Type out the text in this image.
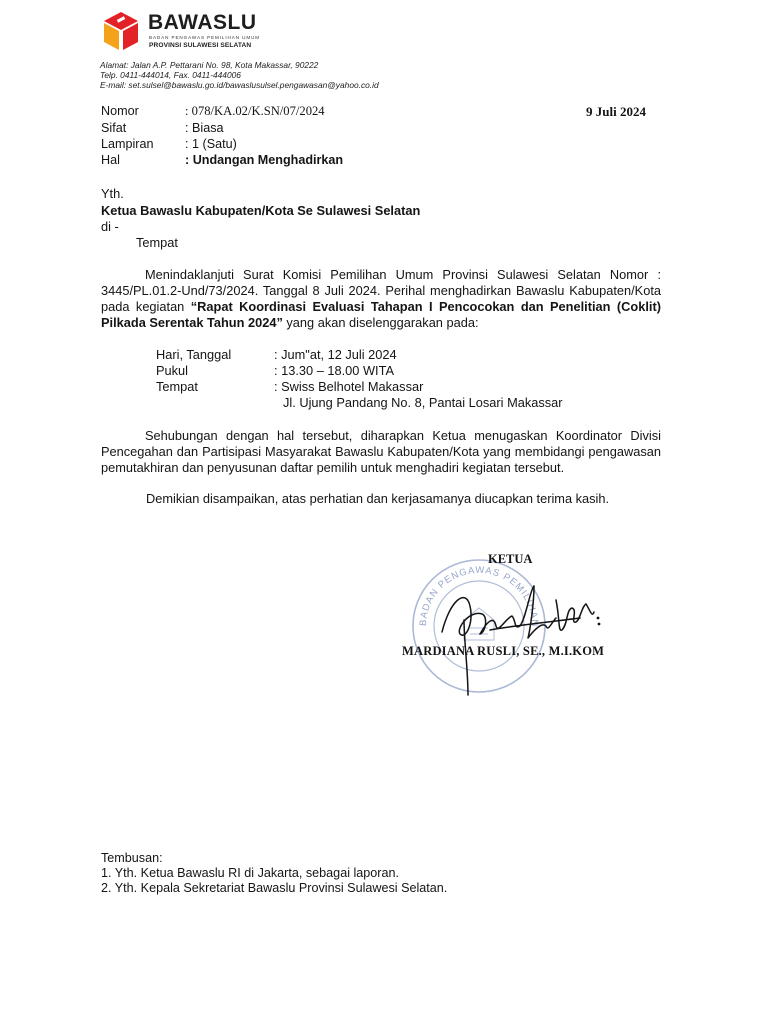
BAWASLU
BADAN PENGAWAS PEMILIHAN UMUM
PROVINSI SULAWESI SELATAN
Alamat: Jalan A.P. Pettarani No. 98, Kota Makassar, 90222
Telp. 0411-444014, Fax. 0411-444006
E-mail: set.sulsel@bawaslu.go.id/bawaslusulsel.pengawasan@yahoo.co.id
9 Juli 2024
Nomor	: 078/KA.02/K.SN/07/2024
Sifat	: Biasa
Lampiran : 1 (Satu)
Hal	: Undangan Menghadirkan
Yth.
Ketua Bawaslu Kabupaten/Kota Se Sulawesi Selatan
di -
Tempat
Menindaklanjuti Surat Komisi Pemilihan Umum Provinsi Sulawesi Selatan Nomor : 3445/PL.01.2-Und/73/2024. Tanggal 8 Juli 2024. Perihal menghadirkan Bawaslu Kabupaten/Kota pada kegiatan “Rapat Koordinasi Evaluasi Tahapan I Pencocokan dan Penelitian (Coklit) Pilkada Serentak Tahun 2024” yang akan diselenggarakan pada:
Hari, Tanggal	: Jum"at, 12 Juli 2024
Pukul	: 13.30 – 18.00 WITA
Tempat	: Swiss Belhotel Makassar
Jl. Ujung Pandang No. 8, Pantai Losari Makassar
Sehubungan dengan hal tersebut, diharapkan Ketua menugaskan Koordinator Divisi Pencegahan dan Partisipasi Masyarakat Bawaslu Kabupaten/Kota yang membidangi pengawasan pemutakhiran dan penyusunan daftar pemilih untuk menghadiri kegiatan tersebut.
Demikian disampaikan, atas perhatian dan kerjasamanya diucapkan terima kasih.
BADAN PENGAWAS PEMILIHAN
KETUA
MARDIANA RUSLI, SE., M.I.KOM
Tembusan:
1. Yth. Ketua Bawaslu RI di Jakarta, sebagai laporan.
2. Yth. Kepala Sekretariat Bawaslu Provinsi Sulawesi Selatan.
